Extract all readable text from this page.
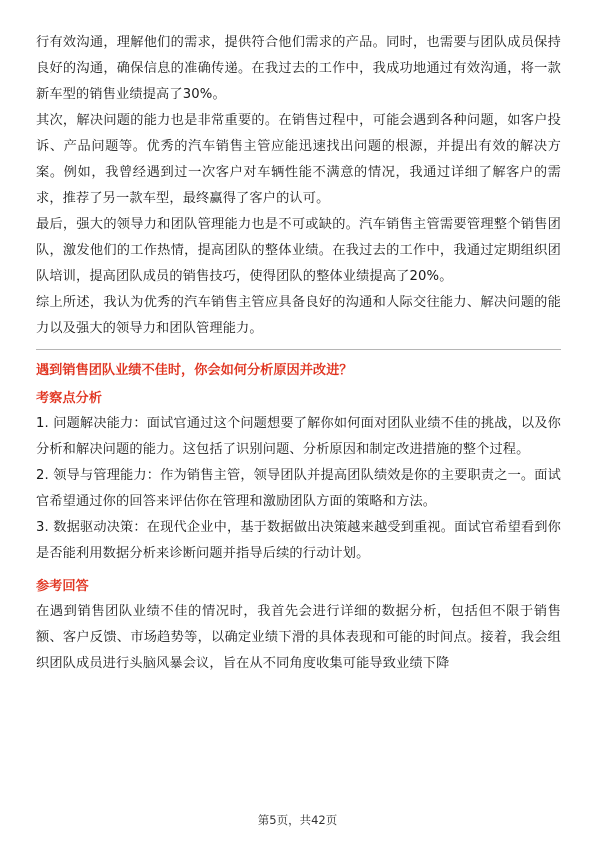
行有效沟通，理解他们的需求，提供符合他们需求的产品。同时，也需要与团队成员保持良好的沟通，确保信息的准确传递。在我过去的工作中，我成功地通过有效沟通，将一款新车型的销售业绩提高了30%。

其次，解决问题的能力也是非常重要的。在销售过程中，可能会遇到各种问题，如客户投诉、产品问题等。优秀的汽车销售主管应能迅速找出问题的根源，并提出有效的解决方案。例如，我曾经遇到过一次客户对车辆性能不满意的情况，我通过详细了解客户的需求，推荐了另一款车型，最终赢得了客户的认可。

最后，强大的领导力和团队管理能力也是不可或缺的。汽车销售主管需要管理整个销售团队，激发他们的工作热情，提高团队的整体业绩。在我过去的工作中，我通过定期组织团队培训，提高团队成员的销售技巧，使得团队的整体业绩提高了20%。

综上所述，我认为优秀的汽车销售主管应具备良好的沟通和人际交往能力、解决问题的能力以及强大的领导力和团队管理能力。

遇到销售团队业绩不佳时，你会如何分析原因并改进？

考察点分析

1. 问题解决能力：面试官通过这个问题想要了解你如何面对团队业绩不佳的挑战，以及你分析和解决问题的能力。这包括了识别问题、分析原因和制定改进措施的整个过程。

2. 领导与管理能力：作为销售主管，领导团队并提高团队绩效是你的主要职责之一。面试官希望通过你的回答来评估你在管理和激励团队方面的策略和方法。

3. 数据驱动决策：在现代企业中，基于数据做出决策越来越受到重视。面试官希望看到你是否能利用数据分析来诊断问题并指导后续的行动计划。

参考回答

在遇到销售团队业绩不佳的情况时，我首先会进行详细的数据分析，包括但不限于销售额、客户反馈、市场趋势等，以确定业绩下滑的具体表现和可能的时间点。接着，我会组织团队成员进行头脑风暴会议，旨在从不同角度收集可能导致业绩下降

第5页，共42页
